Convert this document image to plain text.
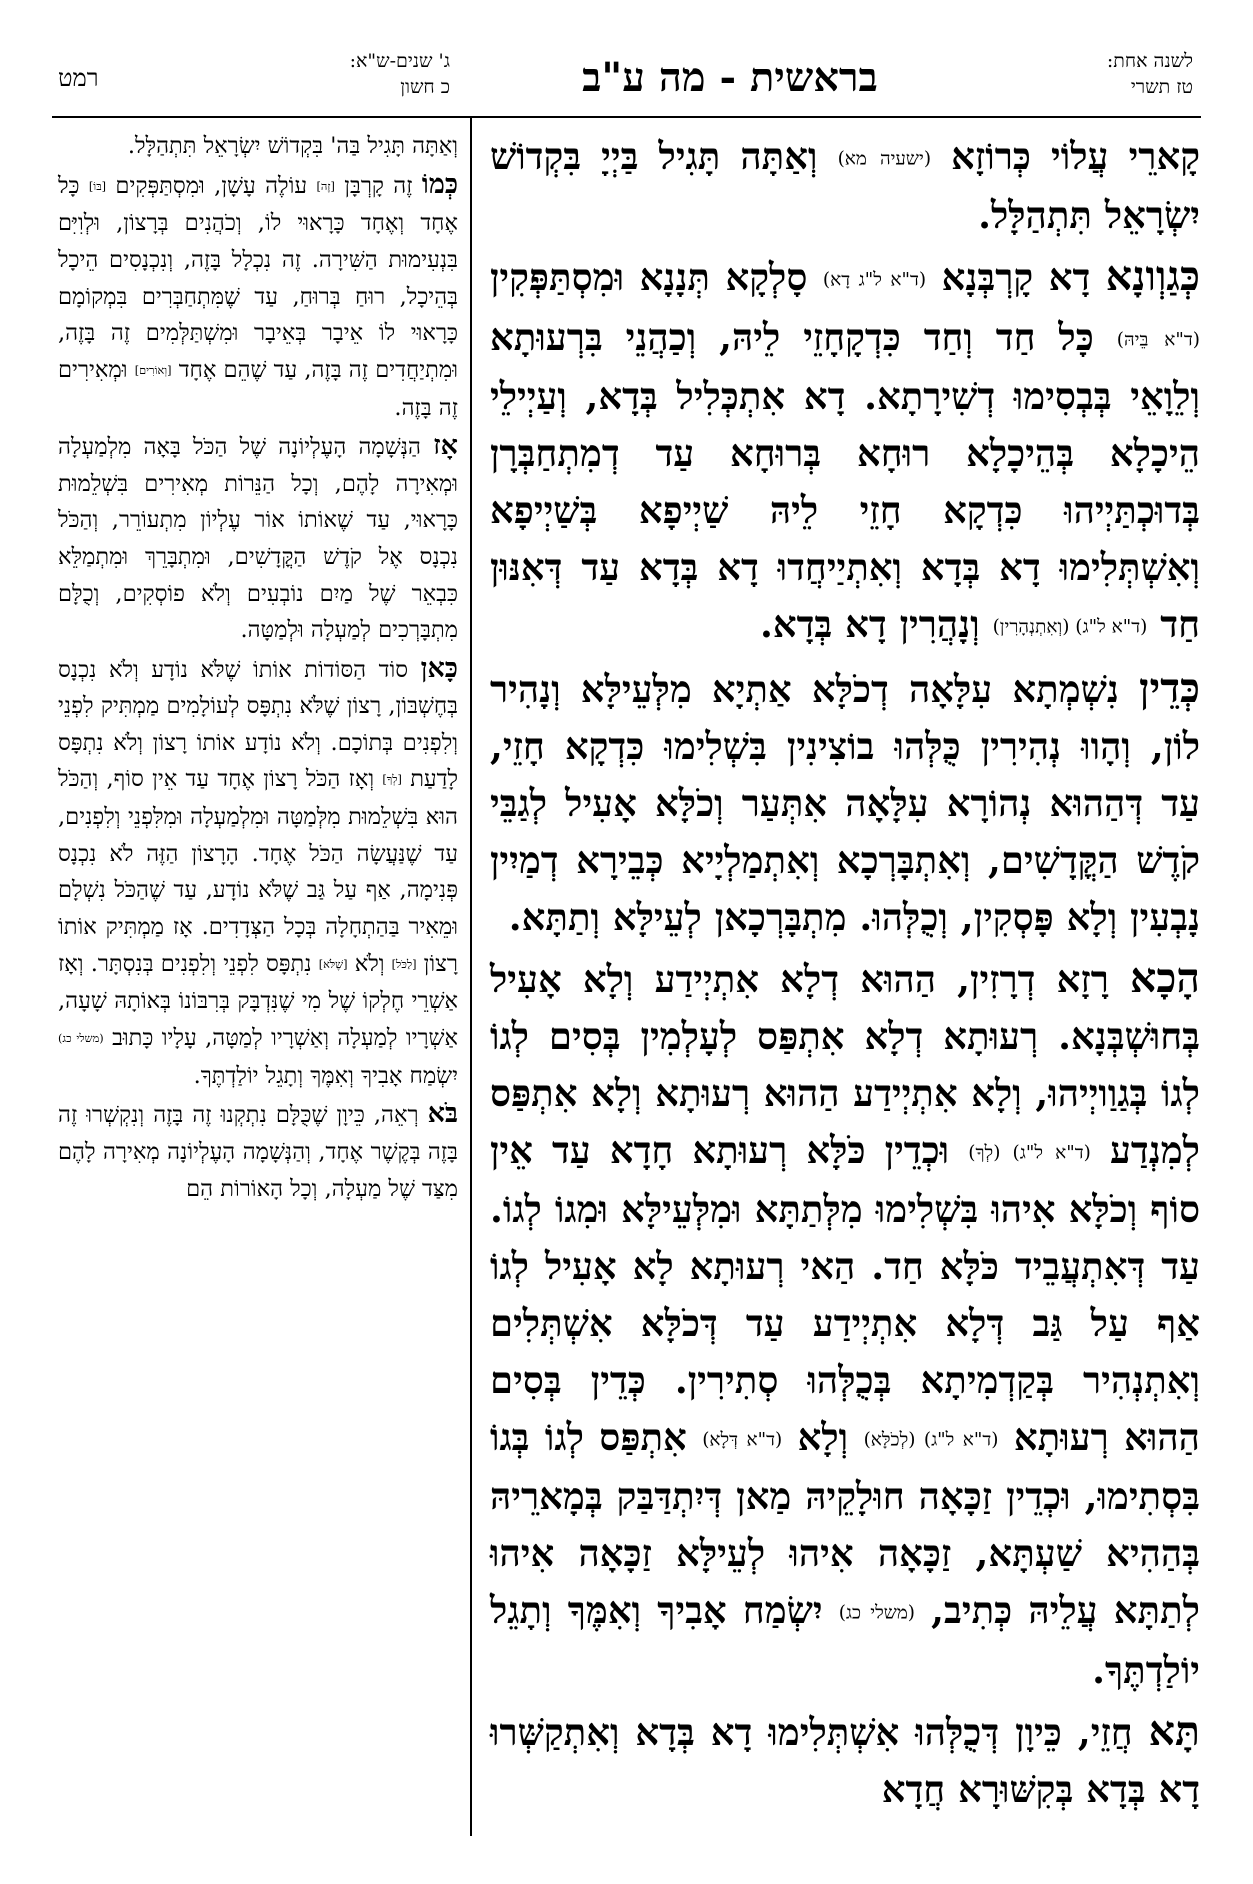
לשנה אחת:
טז תשרי
בראשית - מה ע"ב
ג' שנים-ש"א:
כ חשון
רמט

קָארֵי עֲלוֹי כְּרוֹזָא (ישעיה מא) וְאַתָּה תָּגִיל בַּיְיָ בִּקְדוֹשׁ יִשְׂרָאֵל תִּתְהַלָּל.

כְּגַוְונָא דָא קָרְבְּנָא (ד"א ל"ג דָא) סָלְקָא תְּנָנָא וּמִסְתַּפְּקִין (ד"א בֵּיהּ) כָּל חַד וְחַד כִּדְקָחָזֵי לֵיהּ, וְכַהֲנֵי בִּרְעוּתָא וְלֵוָאֵי בְּבְסִימוּ דְשִׁירָתָא. דָא אִתְכְּלִיל בְּדָא, וְעַיְילֵי הֵיכָלָא בְּהֵיכָלָא רוּחָא בְּרוּחָא עַד דְמִתְחַבְּרָן בְּדוּכְתַּיְיהוּ כִּדְקָא חָזֵי לֵיהּ שַׁיְיפָא בְּשַׁיְיפָא וְאִשְׁתְּלִימוּ דָא בְּדָא וְאִתְיַיחֲדוּ דָא בְּדָא עַד דְּאִנּוּן חַד (ד"א ל"ג) (וְאִתְנְהָרִין) וְנָהֲרִין דָא בְּדָא.

כְּדֵין נִשְׁמְתָא עִלָּאָה דְכֹלָּא אַתְיָא מִלְּעֵילָּא וְנָהִיר לוֹן, וְהָווּ נְהִירִין כֻּלְּהוּ בוֹצִינִין בִּשְׁלִימוּ כִּדְקָא חָזֵי, עַד דְּהַהוּא נְהוֹרָא עִלָּאָה אִתְּעַר וְכֹלָּא אָעִיל לְגַבֵּי קֹדֶשׁ הַקֳּדָשִׁים, וְאִתְבָּרְכָא וְאִתְמַלְיָיא כְּבֵירָא דְמַיִין נָבְעִין וְלָא פָּסְקִין, וְכֻלְּהוּ. מִתְבָּרְכָאן לְעֵילָּא וְתַתָּא.

הָכָא רָזָא דְרָזִין, הַהוּא דְלָא אִתְיְידַע וְלָא אָעִיל בְּחוּשְׁבְּנָא. רְעוּתָא דְלָא אִתְפַּס לְעָלְמִין בְּסִים לְגוֹ לְגוֹ בְּגַוַויְיהוּ, וְלָא אִתְיְידַע הַהוּא רְעוּתָא וְלָא אִתְפַּס לְמִנְדַע (ד"א ל"ג) (לְךָ) וּכְדֵין כֹּלָּא רְעוּתָא חָדָא עַד אֵין סוֹף וְכֹלָּא אִיהוּ בִּשְׁלִימוּ מִלְּתַתָּא וּמִלְּעֵילָּא וּמִגוֹ לְגוֹ. עַד דְּאִתְעֲבֵיד כֹּלָּא חַד. הַאי רְעוּתָא לָא אָעִיל לְגוֹ אַף עַל גַּב דְּלָא אִתְיְידַע עַד דְּכֹלָּא אִשְׁתְּלִים וְאִתְנְהִיר בְּקַדְמִיתָא בְּכֻלְּהוּ סְתִירִין. כְּדֵין בְּסִים הַהוּא רְעוּתָא (ד"א ל"ג) (לְכֹלָּא) וְלָא (ד"א דְּלָא) אִתְפַּס לְגוֹ בְּגוֹ בִּסְתִימוּ, וּכְדֵין זַכָּאָה חוּלָקֵיהּ מַאן דְּיִתְדַּבַּק בְּמָארֵיהּ בְּהַהִיא שַׁעְתָּא, זַכָּאָה אִיהוּ לְעֵילָּא זַכָּאָה אִיהוּ לְתַתָּא עֲלֵיהּ כְּתִיב, (משלי כג) יִשְׂמַח אָבִיךָ וְאִמֶּךָ וְתָגֵל יוֹלַדְתֶּךָ.

תָּא חֲזֵי, כֵּיוָן דְּכֻלְּהוּ אִשְׁתְּלִימוּ דָא בְּדָא וְאִתְקַשְּׁרוּ דָא בְּדָא בְּקִשּׁוּרָא חֲדָא

וְאַתָּה תָּגִיל בַּה' בִּקְדוֹשׁ יִשְׂרָאֵל תִּתְהַלָּל.

כְּמוֹ זֶה קָרְבָּן [זֶה] עוֹלֶה עָשָׁן, וּמִסְתַּפְּקִים [בּוֹ] כָּל אֶחָד וְאֶחָד כָּרָאוּי לוֹ, וְכֹהֲנִים בְּרָצוֹן, וּלְוִיִּם בִּנְעִימוּת הַשִּׁירָה. זֶה נִכְלָל בָּזֶה, וְנִכְנָסִים הֵיכָל בְּהֵיכָל, רוּחַ בְּרוּחַ, עַד שֶׁמִּתְחַבְּרִים בִּמְקוֹמָם כָּרָאוּי לוֹ אֵיבָר בְּאֵיבָר וּמִשְׁתַּלְּמִים זֶה בָּזֶה, וּמִתְיַחֲדִים זֶה בָּזֶה, עַד שֶׁהֵם אֶחָד [וְאוֹרִים] וּמְאִירִים זֶה בָּזֶה.

אָז הַנְּשָׁמָה הָעֶלְיוֹנָה שֶׁל הַכֹּל בָּאָה מִלְמַעְלָה וּמְאִירָה לָהֶם, וְכָל הַנֵּרוֹת מְאִירִים בִּשְׁלֵמוּת כָּרָאוּי, עַד שֶׁאוֹתוֹ אוֹר עֶלְיוֹן מִתְעוֹרֵר, וְהַכֹּל נִכְנָס אֶל קֹדֶשׁ הַקֳּדָשִׁים, וּמִתְבָּרֵךְ וּמִתְמַלֵּא כִּבְאֵר שֶׁל מַיִם נוֹבְעִים וְלֹא פוֹסְקִים, וְכֻלָּם מִתְבָּרְכִים לְמַעְלָה וּלְמַטָּה.

כָּאן סוֹד הַסּוֹדוֹת אוֹתוֹ שֶׁלֹּא נוֹדָע וְלֹא נִכְנָס בְּחֶשְׁבּוֹן, רָצוֹן שֶׁלֹּא נִתְפָּס לְעוֹלָמִים מַמְתִּיק לִפְנֵי וְלִפְנִים בְּתוֹכָם. וְלֹא נוֹדָע אוֹתוֹ רָצוֹן וְלֹא נִתְפָּס לָדַעַת [לְךָ] וְאָז הַכֹּל רָצוֹן אֶחָד עַד אֵין סוֹף, וְהַכֹּל הוּא בִּשְׁלֵמוּת מִלְּמַטָּה וּמִלְמַעְלָה וּמִלִּפְנֵי וְלִפְנִים, עַד שֶׁנַּעֲשָׂה הַכֹּל אֶחָד. הָרָצוֹן הַזֶּה לֹא נִכְנָס פְּנִימָה, אַף עַל גַּב שֶׁלֹּא נוֹדָע, עַד שֶׁהַכֹּל נִשְׁלָם וּמֵאִיר בַּהַתְחָלָה בְּכָל הַצְּדָדִים. אָז מַמְתִּיק אוֹתוֹ רָצוֹן [לַכֹּל] וְלֹא [שֶׁלֹּא] נִתְפָּס לִפְנֵי וְלִפְנִים בְּנִסְתָּר. וְאָז אַשְׁרֵי חֶלְקוֹ שֶׁל מִי שֶׁנִּדְבָּק בְּרִבּוֹנוֹ בְּאוֹתָהּ שָׁעָה, אַשְׁרָיו לְמַעְלָה וְאַשְׁרָיו לְמַטָּה, עָלָיו כָּתוּב (משלי כג) יִשְׂמַח אָבִיךָ וְאִמֶּךָ וְתָגֵל יוֹלַדְתֶּךָ.

בֹּא רְאֵה, כֵּיוָן שֶׁכֻּלָּם נִתְקְנוּ זֶה בָּזֶה וְנִקְשְׁרוּ זֶה בָּזֶה בְּקֶשֶׁר אֶחָד, וְהַנְּשָׁמָה הָעֶלְיוֹנָה מְאִירָה לָהֶם מִצַּד שֶׁל מַעְלָה, וְכָל הָאוֹרוֹת הֵם
